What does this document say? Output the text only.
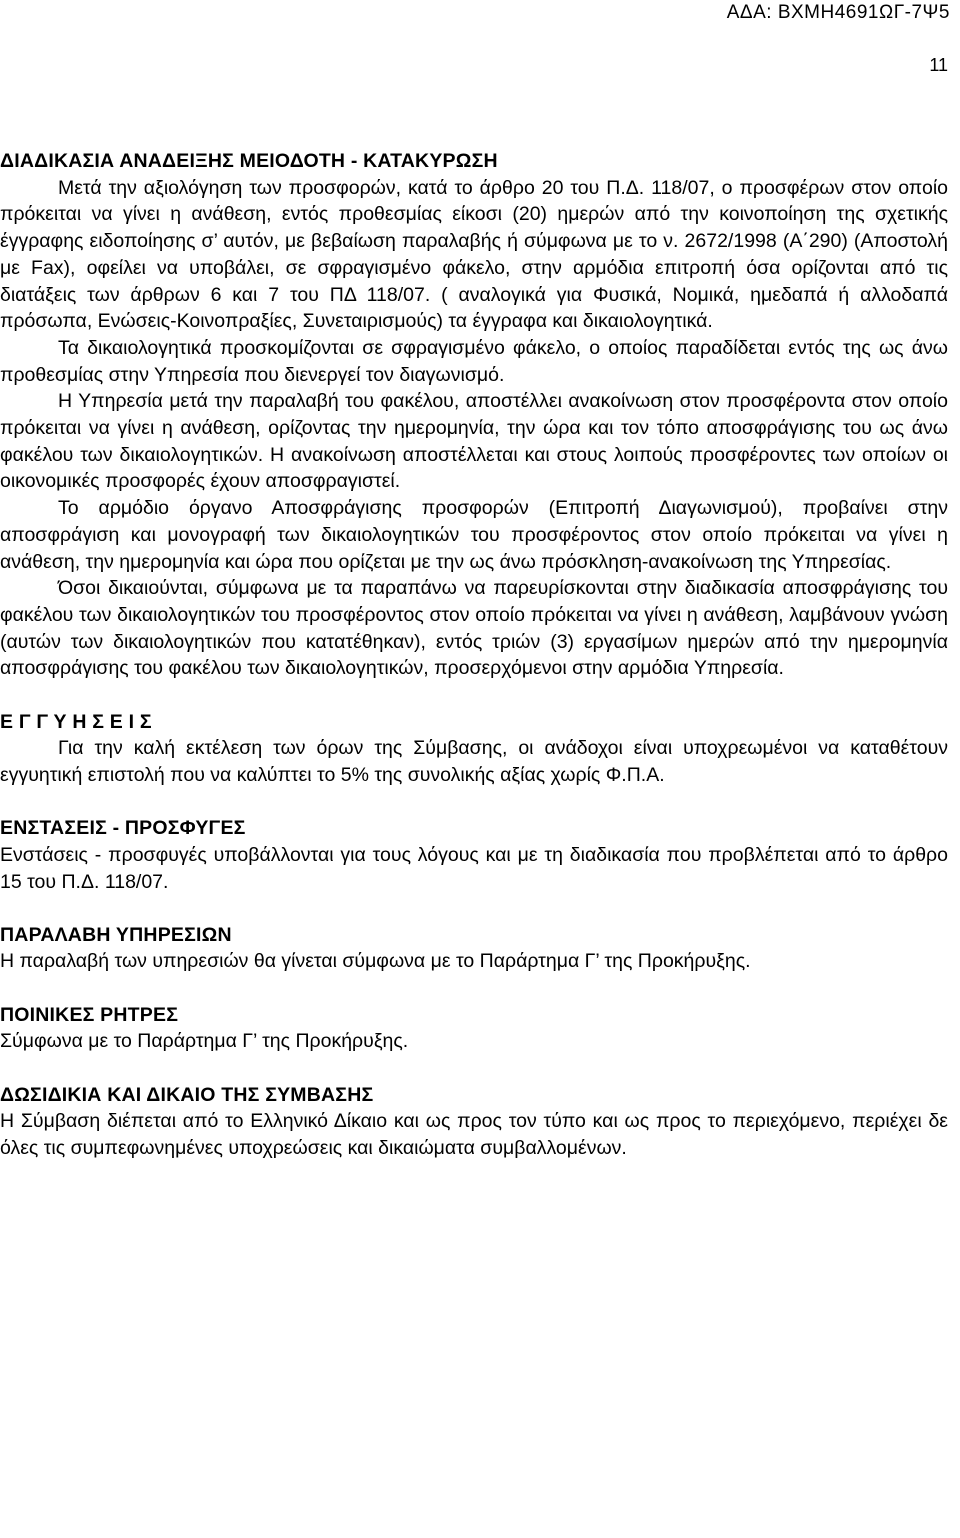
ΑΔΑ: ΒΧΜΗ4691ΩΓ-7Ψ5
11

ΔΙΑΔΙΚΑΣΙΑ ΑΝΑΔΕΙΞΗΣ ΜΕΙΟΔΟΤΗ - ΚΑΤΑΚΥΡΩΣΗ

Μετά την αξιολόγηση των προσφορών, κατά το άρθρο 20 του Π.Δ. 118/07, ο προσφέρων στον οποίο πρόκειται να γίνει η ανάθεση, εντός προθεσμίας είκοσι (20) ημερών από την κοινοποίηση της σχετικής έγγραφης ειδοποίησης σ’ αυτόν, με βεβαίωση παραλαβής ή σύμφωνα με το ν. 2672/1998 (Α΄290) (Αποστολή με Fax), οφείλει να υποβάλει, σε σφραγισμένο φάκελο, στην αρμόδια επιτροπή όσα ορίζονται από τις διατάξεις των άρθρων 6 και 7 του ΠΔ 118/07. ( αναλογικά για Φυσικά, Νομικά, ημεδαπά ή αλλοδαπά πρόσωπα, Ενώσεις-Κοινοπραξίες, Συνεταιρισμούς) τα έγγραφα και δικαιολογητικά.

Τα δικαιολογητικά προσκομίζονται σε σφραγισμένο φάκελο, ο οποίος παραδίδεται εντός της ως άνω προθεσμίας στην Υπηρεσία που διενεργεί τον διαγωνισμό.

Η Υπηρεσία μετά την παραλαβή του φακέλου, αποστέλλει ανακοίνωση στον προσφέροντα στον οποίο πρόκειται να γίνει η ανάθεση, ορίζοντας την ημερομηνία, την ώρα και τον τόπο αποσφράγισης του ως άνω φακέλου των δικαιολογητικών. Η ανακοίνωση αποστέλλεται και στους λοιπούς προσφέροντες των οποίων οι οικονομικές προσφορές έχουν αποσφραγιστεί.

Το αρμόδιο όργανο Αποσφράγισης προσφορών (Επιτροπή Διαγωνισμού), προβαίνει στην αποσφράγιση και μονογραφή των δικαιολογητικών του προσφέροντος στον οποίο πρόκειται να γίνει η ανάθεση, την ημερομηνία και ώρα που ορίζεται με την ως άνω πρόσκληση-ανακοίνωση της Υπηρεσίας.

Όσοι δικαιούνται, σύμφωνα με τα παραπάνω να παρευρίσκονται στην διαδικασία αποσφράγισης του φακέλου των δικαιολογητικών του προσφέροντος στον οποίο πρόκειται να γίνει η ανάθεση, λαμβάνουν γνώση (αυτών των δικαιολογητικών που κατατέθηκαν), εντός τριών (3) εργασίμων ημερών από την ημερομηνία αποσφράγισης του φακέλου των δικαιολογητικών, προσερχόμενοι στην αρμόδια Υπηρεσία.

Ε Γ Γ Υ Η Σ Ε Ι Σ

Για την καλή εκτέλεση των όρων της Σύμβασης, οι ανάδοχοι είναι υποχρεωμένοι να καταθέτουν εγγυητική επιστολή που να καλύπτει το 5% της συνολικής αξίας χωρίς Φ.Π.Α.

ΕΝΣΤΑΣΕΙΣ - ΠΡΟΣΦΥΓΕΣ

Ενστάσεις - προσφυγές υποβάλλονται για τους λόγους και με τη διαδικασία που προβλέπεται από το άρθρο 15 του Π.Δ. 118/07.

ΠΑΡΑΛΑΒΗ ΥΠΗΡΕΣΙΩΝ

Η παραλαβή των υπηρεσιών θα γίνεται σύμφωνα με το Παράρτημα Γ’ της Προκήρυξης.

ΠΟΙΝΙΚΕΣ ΡΗΤΡΕΣ

Σύμφωνα με το Παράρτημα Γ’ της Προκήρυξης.

ΔΩΣΙΔΙΚΙΑ ΚΑΙ ΔΙΚΑΙΟ ΤΗΣ ΣΥΜΒΑΣΗΣ

Η Σύμβαση διέπεται από το Ελληνικό Δίκαιο και ως προς τον τύπο και ως προς το περιεχόμενο, περιέχει δε όλες τις συμπεφωνημένες υποχρεώσεις και δικαιώματα συμβαλλομένων.
